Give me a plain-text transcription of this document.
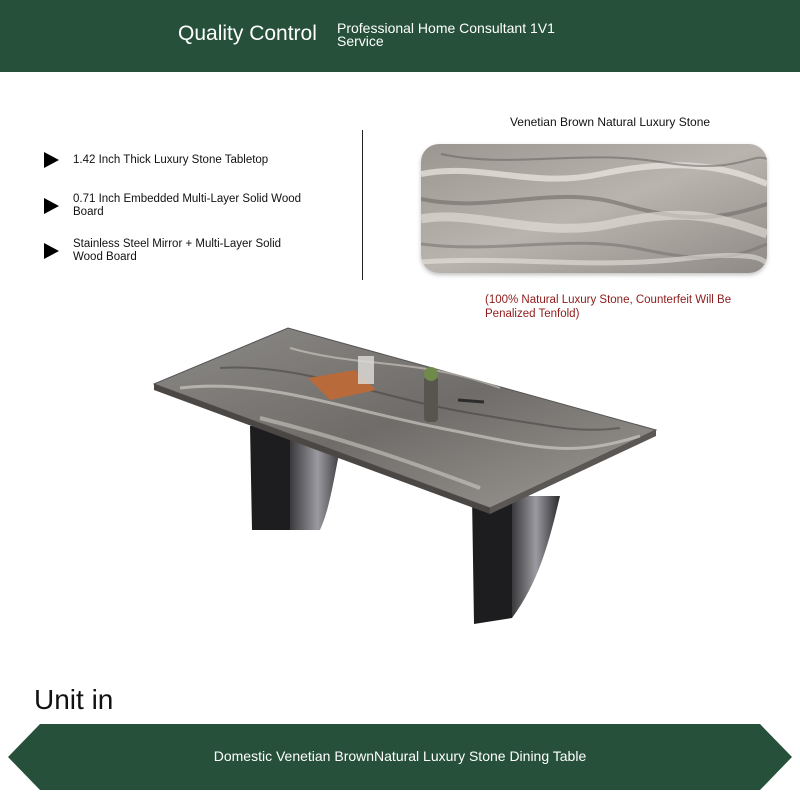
Quality Control Professional Home Consultant 1V1 Service
1.42 Inch Thick Luxury Stone Tabletop
0.71 Inch Embedded Multi-Layer Solid Wood Board
Stainless Steel Mirror + Multi-Layer Solid Wood Board
Venetian Brown Natural Luxury Stone
(100% Natural Luxury Stone, Counterfeit Will Be Penalized Tenfold)
Unit in
Domestic Venetian BrownNatural Luxury Stone Dining Table
